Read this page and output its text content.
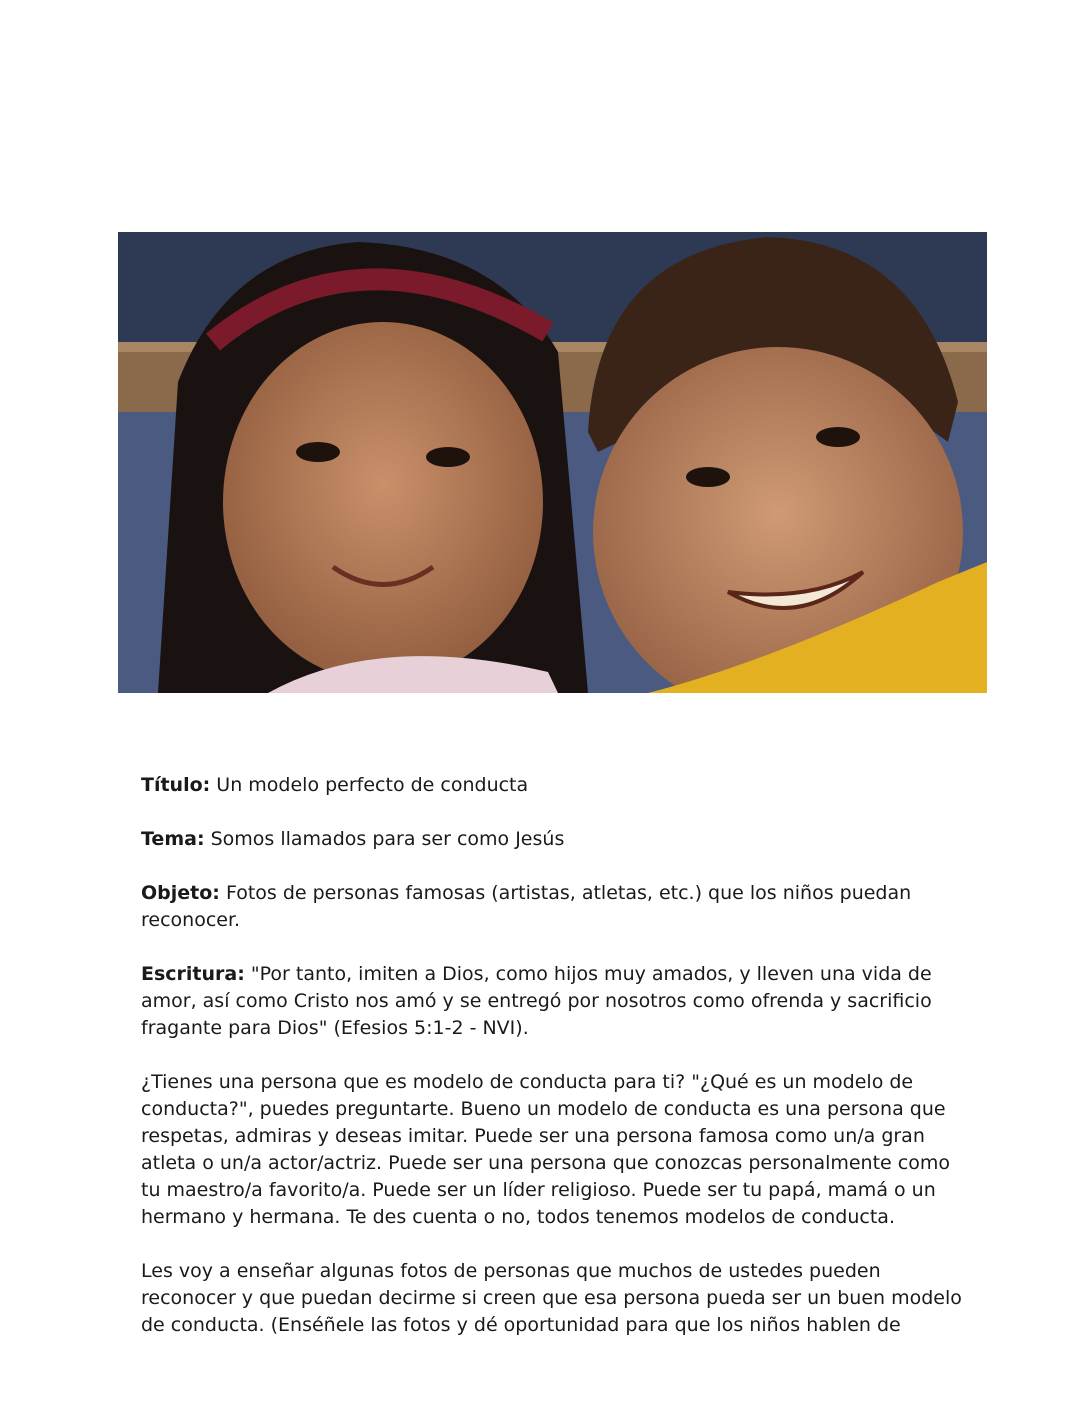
Título: Un modelo perfecto de conducta

Tema: Somos llamados para ser como Jesús

Objeto: Fotos de personas famosas (artistas, atletas, etc.) que los niños puedan reconocer.

Escritura: "Por tanto, imiten a Dios, como hijos muy amados, y lleven una vida de amor, así como Cristo nos amó y se entregó por nosotros como ofrenda y sacrificio fragante para Dios" (Efesios 5:1-2 - NVI).

¿Tienes una persona que es modelo de conducta para ti? "¿Qué es un modelo de conducta?", puedes preguntarte. Bueno un modelo de conducta es una persona que respetas, admiras y deseas imitar. Puede ser una persona famosa como un/a gran atleta o un/a actor/actriz. Puede ser una persona que conozcas personalmente como tu maestro/a favorito/a. Puede ser un líder religioso. Puede ser tu papá, mamá o un hermano y hermana. Te des cuenta o no, todos tenemos modelos de conducta.

Les voy a enseñar algunas fotos de personas que muchos de ustedes pueden reconocer y que puedan decirme si creen que esa persona pueda ser un buen modelo de conducta. (Enséñele las fotos y dé oportunidad para que los niños hablen de
